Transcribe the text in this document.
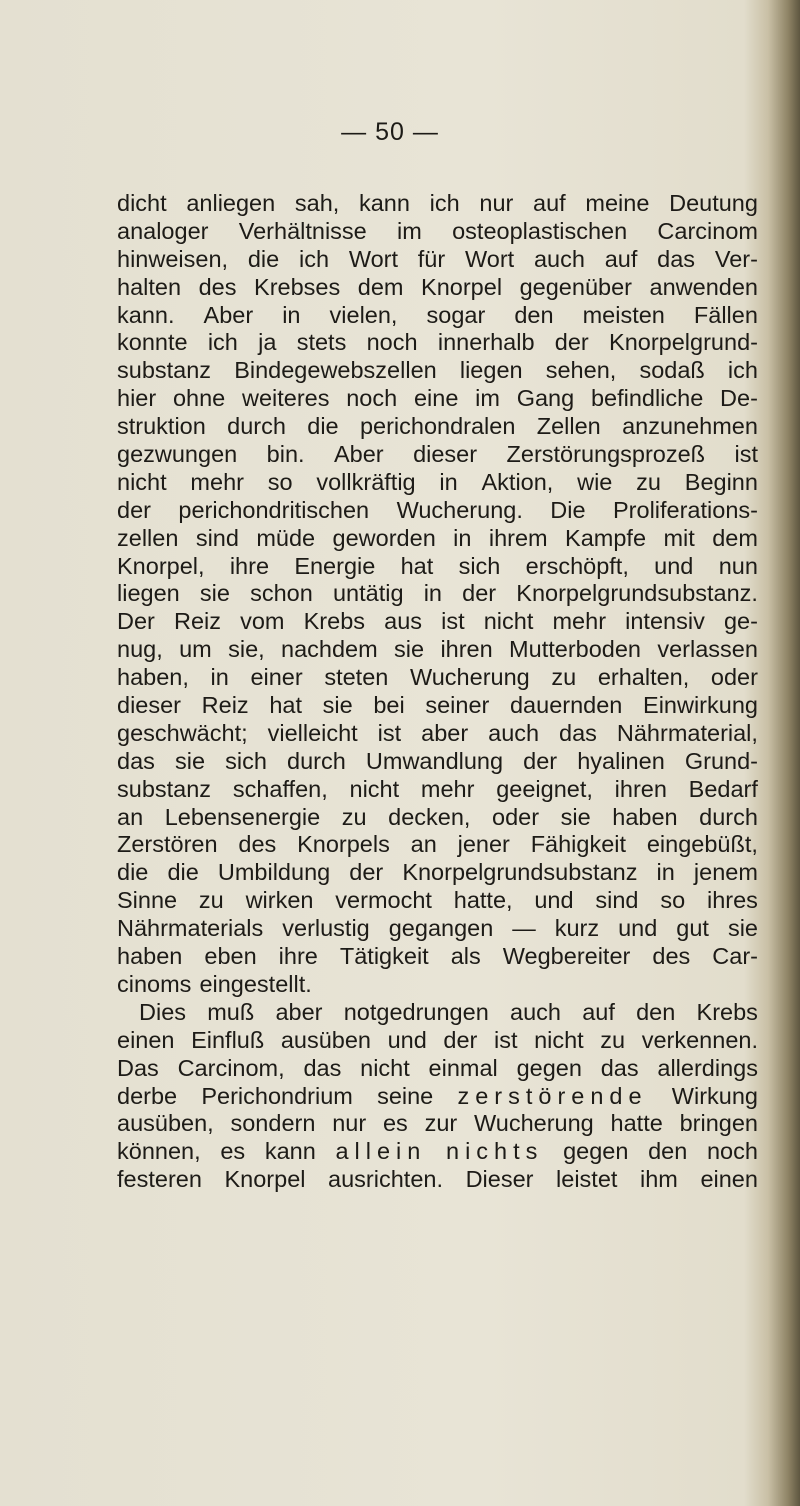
— 50 —
dicht anliegen sah, kann ich nur auf meine Deutung
analoger Verhältnisse im osteoplastischen Carcinom
hinweisen, die ich Wort für Wort auch auf das Ver-
halten des Krebses dem Knorpel gegenüber anwenden
kann. Aber in vielen, sogar den meisten Fällen
konnte ich ja stets noch innerhalb der Knorpelgrund-
substanz Bindegewebszellen liegen sehen, sodaß ich
hier ohne weiteres noch eine im Gang befindliche De-
struktion durch die perichondralen Zellen anzunehmen
gezwungen bin. Aber dieser Zerstörungsprozeß ist
nicht mehr so vollkräftig in Aktion, wie zu Beginn
der perichondritischen Wucherung. Die Proliferations-
zellen sind müde geworden in ihrem Kampfe mit dem
Knorpel, ihre Energie hat sich erschöpft, und nun
liegen sie schon untätig in der Knorpelgrundsubstanz.
Der Reiz vom Krebs aus ist nicht mehr intensiv ge-
nug, um sie, nachdem sie ihren Mutterboden verlassen
haben, in einer steten Wucherung zu erhalten, oder
dieser Reiz hat sie bei seiner dauernden Einwirkung
geschwächt; vielleicht ist aber auch das Nährmaterial,
das sie sich durch Umwandlung der hyalinen Grund-
substanz schaffen, nicht mehr geeignet, ihren Bedarf
an Lebensenergie zu decken, oder sie haben durch
Zerstören des Knorpels an jener Fähigkeit eingebüßt,
die die Umbildung der Knorpelgrundsubstanz in jenem
Sinne zu wirken vermocht hatte, und sind so ihres
Nährmaterials verlustig gegangen — kurz und gut sie
haben eben ihre Tätigkeit als Wegbereiter des Car-
cinoms eingestellt.
Dies muß aber notgedrungen auch auf den Krebs
einen Einfluß ausüben und der ist nicht zu verkennen.
Das Carcinom, das nicht einmal gegen das allerdings
derbe Perichondrium seine zerstörende Wirkung
ausüben, sondern nur es zur Wucherung hatte bringen
können, es kann allein nichts gegen den noch
festeren Knorpel ausrichten. Dieser leistet ihm einen
